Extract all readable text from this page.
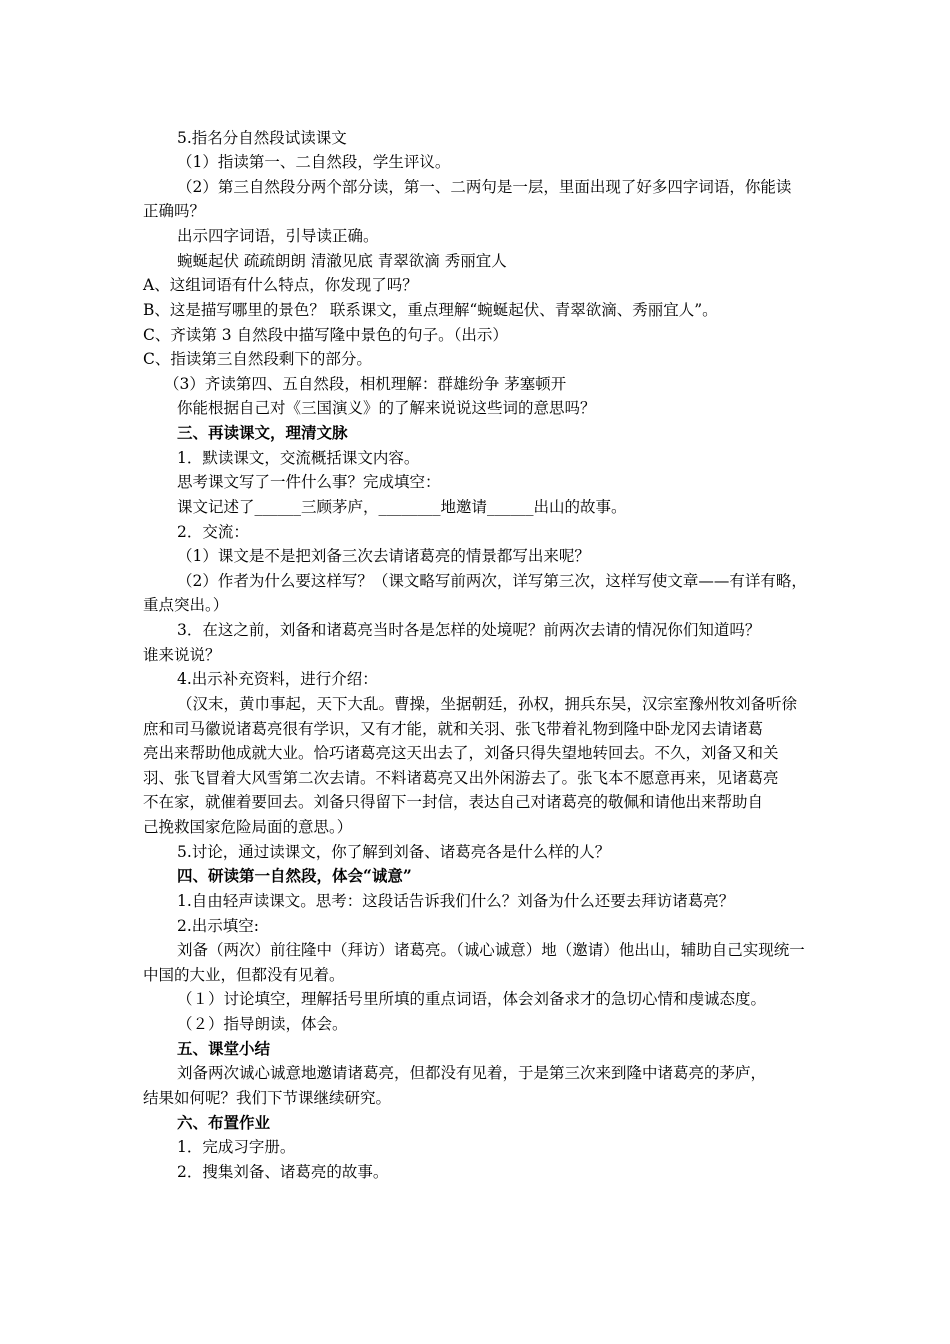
5.指名分自然段试读课文
（1）指读第一、二自然段，学生评议。
（2）第三自然段分两个部分读，第一、二两句是一层，里面出现了好多四字词语，你能读
正确吗？
出示四字词语，引导读正确。
蜿蜒起伏 疏疏朗朗 清澈见底 青翠欲滴 秀丽宜人
A、这组词语有什么特点，你发现了吗？
B、这是描写哪里的景色？ 联系课文，重点理解“蜿蜒起伏、青翠欲滴、秀丽宜人”。
C、齐读第 3 自然段中描写隆中景色的句子。（出示）
C、指读第三自然段剩下的部分。
（3）齐读第四、五自然段，相机理解：群雄纷争 茅塞顿开
你能根据自己对《三国演义》的了解来说说这些词的意思吗？
三、再读课文，理清文脉
1．默读课文，交流概括课文内容。
思考课文写了一件什么事？完成填空：
课文记述了______三顾茅庐，________地邀请______出山的故事。
2．交流：
（1）课文是不是把刘备三次去请诸葛亮的情景都写出来呢？
（2）作者为什么要这样写？（课文略写前两次，详写第三次，这样写使文章——有详有略，
重点突出。）
3．在这之前，刘备和诸葛亮当时各是怎样的处境呢？前两次去请的情况你们知道吗？
谁来说说？
4.出示补充资料，进行介绍：
（汉末，黄巾事起，天下大乱。曹操，坐据朝廷，孙权，拥兵东吴，汉宗室豫州牧刘备听徐
庶和司马徽说诸葛亮很有学识，又有才能，就和关羽、张飞带着礼物到隆中卧龙冈去请诸葛
亮出来帮助他成就大业。恰巧诸葛亮这天出去了，刘备只得失望地转回去。不久，刘备又和关
羽、张飞冒着大风雪第二次去请。不料诸葛亮又出外闲游去了。张飞本不愿意再来，见诸葛亮
不在家，就催着要回去。刘备只得留下一封信，表达自己对诸葛亮的敬佩和请他出来帮助自
己挽救国家危险局面的意思。）
5.讨论，通过读课文，你了解到刘备、诸葛亮各是什么样的人？
四、研读第一自然段，体会“诚意”
1.自由轻声读课文。思考：这段话告诉我们什么？刘备为什么还要去拜访诸葛亮？
2.出示填空:
刘备（两次）前往隆中（拜访）诸葛亮。（诚心诚意）地（邀请）他出山，辅助自己实现统一
中国的大业，但都没有见着。
（１）讨论填空，理解括号里所填的重点词语，体会刘备求才的急切心情和虔诚态度。
（２）指导朗读，体会。
五、课堂小结
刘备两次诚心诚意地邀请诸葛亮，但都没有见着，于是第三次来到隆中诸葛亮的茅庐，
结果如何呢？我们下节课继续研究。
六、布置作业
1．完成习字册。
2．搜集刘备、诸葛亮的故事。
